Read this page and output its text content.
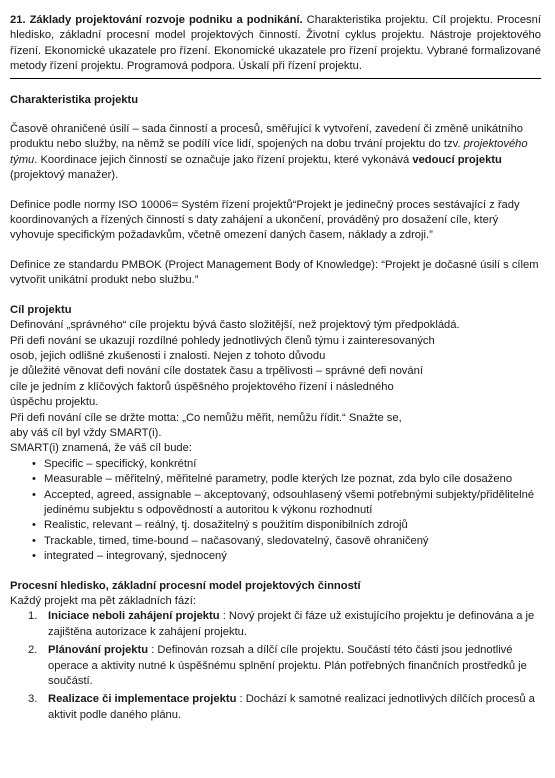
21. Základy projektování rozvoje podniku a podnikání. Charakteristika projektu. Cíl projektu. Procesní hledisko, základní procesní model projektových činností. Životní cyklus projektu. Nástroje projektového řízení. Ekonomické ukazatele pro řízení. Ekonomické ukazatele pro řízení projektu. Vybrané formalizované metody řízení projektu. Programová podpora. Úskalí při řízení projektu.

Charakteristika projektu

Časově ohraničené úsilí – sada činností a procesů, směřující k vytvoření, zavedení či změně unikátního produktu nebo služby, na němž se podílí více lidí, spojených na dobu trvání projektu do tzv. projektového týmu. Koordinace jejich činností se označuje jako řízení projektu, které vykonává vedoucí projektu (projektový manažer).

Definice podle normy ISO 10006= Systém řízení projektů“Projekt je jedinečný proces sestávající z řady koordinovaných a řízených činností s daty zahájení a ukončení, prováděný pro dosažení cíle, který vyhovuje specifickým požadavkům, včetně omezení daných časem, náklady a zdroji.”

Definice ze standardu PMBOK (Project Management Body of Knowledge): “Projekt je dočasné úsilí s cílem vytvořit unikátní produkt nebo službu.”

Cíl projektu

Definování „správného“ cíle projektu bývá často složitější, než projektový tým předpokládá.

Při defi nování se ukazují rozdílné pohledy jednotlivých členů týmu i zainteresovaných

osob, jejich odlišné zkušenosti i znalosti. Nejen z tohoto důvodu

je důležité věnovat defi nování cíle dostatek času a trpělivosti – správné defi nování

cíle je jedním z klíčových faktorů úspěšného projektového řízení i následného

úspěchu projektu.

Při defi nování cíle se držte motta: „Co nemůžu měřit, nemůžu řídit.“ Snažte se,

aby váš cíl byl vždy SMART(i).

SMART(i) znamená, že váš cíl bude:

• Specific – specifický, konkrétní
• Measurable – měřitelný, měřitelné parametry, podle kterých lze poznat, zda bylo cíle dosaženo
• Accepted, agreed, assignable – akceptovaný, odsouhlasený všemi potřebnými subjekty/přidělitelné jedinému subjektu s odpovědností a autoritou k výkonu rozhodnutí
• Realistic, relevant – reálný, tj. dosažitelný s použitím disponibilních zdrojů
• Trackable, timed, time-bound – načasovaný, sledovatelný, časově ohraničený
• integrated – integrovaný, sjednocený

Procesní hledisko, základní procesní model projektových činností

Každý projekt ma pět základních fází:

1. Iniciace neboli zahájení projektu : Nový projekt či fáze už existujícího projektu je definována a je zajištěna autorizace k zahájení projektu.
2. Plánování projektu : Definován rozsah a dílčí cíle projektu. Součástí této části jsou jednotlivé operace a aktivity nutné k úspěšnému splnění projektu. Plán potřebných finančních prostředků je součástí.
3. Realizace či implementace projektu : Dochází k samotné realizaci jednotlivých dílčích procesů a aktivit podle daného plánu.
